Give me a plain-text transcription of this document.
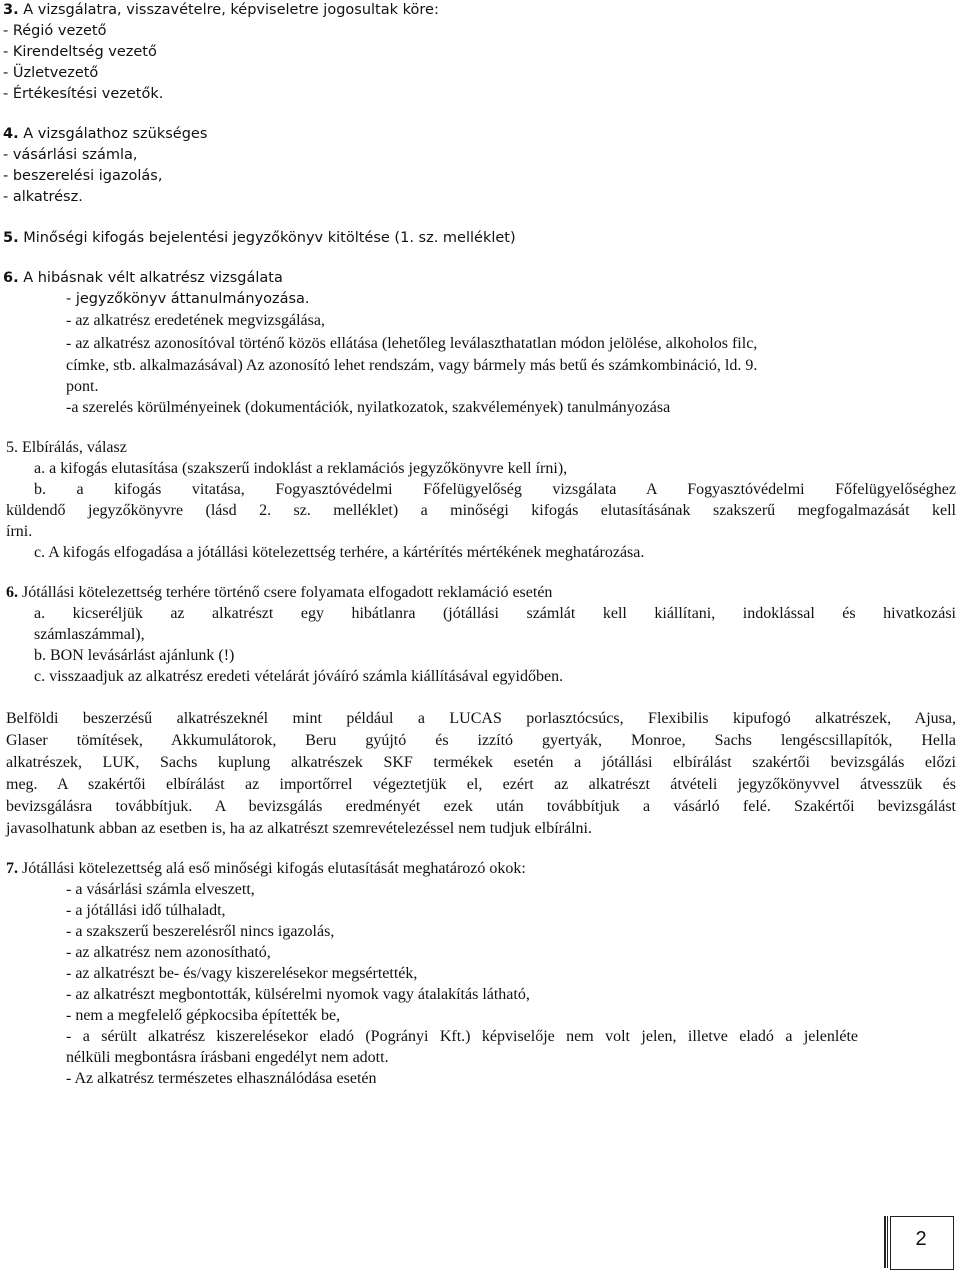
3. A vizsgálatra, visszavételre, képviseletre jogosultak köre:
- Régió vezető
- Kirendeltség vezető
- Üzletvezető
- Értékesítési vezetők.
4. A vizsgálathoz szükséges
- vásárlási számla,
- beszerelési igazolás,
- alkatrész.
5. Minőségi kifogás bejelentési jegyzőkönyv kitöltése (1. sz. melléklet)
6. A hibásnak vélt alkatrész vizsgálata
- jegyzőkönyv áttanulmányozása.
- az alkatrész eredetének megvizsgálása,
- az alkatrész azonosítóval történő közös ellátása (lehetőleg leválaszthatatlan módon jelölése, alkoholos filc,
címke, stb. alkalmazásával) Az azonosító lehet rendszám, vagy bármely más betű és számkombináció, ld. 9.
pont.
-a szerelés körülményeinek (dokumentációk, nyilatkozatok, szakvélemények) tanulmányozása
5. Elbírálás, válasz
a. a kifogás elutasítása (szakszerű indoklást a reklamációs jegyzőkönyvre kell írni),
b. a kifogás vitatása, Fogyasztóvédelmi Főfelügyelőség vizsgálata A Fogyasztóvédelmi Főfelügyelőséghez
küldendő jegyzőkönyvre (lásd 2. sz. melléklet) a minőségi kifogás elutasításának szakszerű megfogalmazását kell
írni.
c. A kifogás elfogadása a jótállási kötelezettség terhére, a kártérítés mértékének meghatározása.
6. Jótállási kötelezettség terhére történő csere folyamata elfogadott reklamáció esetén
a. kicseréljük az alkatrészt egy hibátlanra (jótállási számlát kell kiállítani, indoklással és hivatkozási
számlaszámmal),
b. BON levásárlást ajánlunk (!)
c. visszaadjuk az alkatrész eredeti vételárát jóváíró számla kiállításával egyidőben.
Belföldi beszerzésű alkatrészeknél mint például a LUCAS porlasztócsúcs, Flexibilis kipufogó alkatrészek, Ajusa,
Glaser tömítések, Akkumulátorok, Beru gyújtó és izzító gyertyák, Monroe, Sachs lengéscsillapítók, Hella
alkatrészek, LUK, Sachs kuplung alkatrészek SKF termékek esetén a jótállási elbírálást szakértői bevizsgálás előzi
meg. A szakértői elbírálást az importőrrel végeztetjük el, ezért az alkatrészt átvételi jegyzőkönyvvel átvesszük és
bevizsgálásra továbbítjuk. A bevizsgálás eredményét ezek után továbbítjuk a vásárló felé. Szakértői bevizsgálást
javasolhatunk abban az esetben is, ha az alkatrészt szemrevételezéssel nem tudjuk elbírálni.
7. Jótállási kötelezettség alá eső minőségi kifogás elutasítását meghatározó okok:
- a vásárlási számla elveszett,
- a jótállási idő túlhaladt,
- a szakszerű beszerelésről nincs igazolás,
- az alkatrész nem azonosítható,
- az alkatrészt be- és/vagy kiszerelésekor megsértették,
- az alkatrészt megbontották, külsérelmi nyomok vagy átalakítás látható,
- nem a megfelelő gépkocsiba építették be,
- a sérült alkatrész kiszerelésekor eladó (Pogrányi Kft.) képviselője nem volt jelen, illetve eladó a jelenléte
nélküli megbontásra írásbani engedélyt nem adott.
- Az alkatrész természetes elhasználódása esetén
2
